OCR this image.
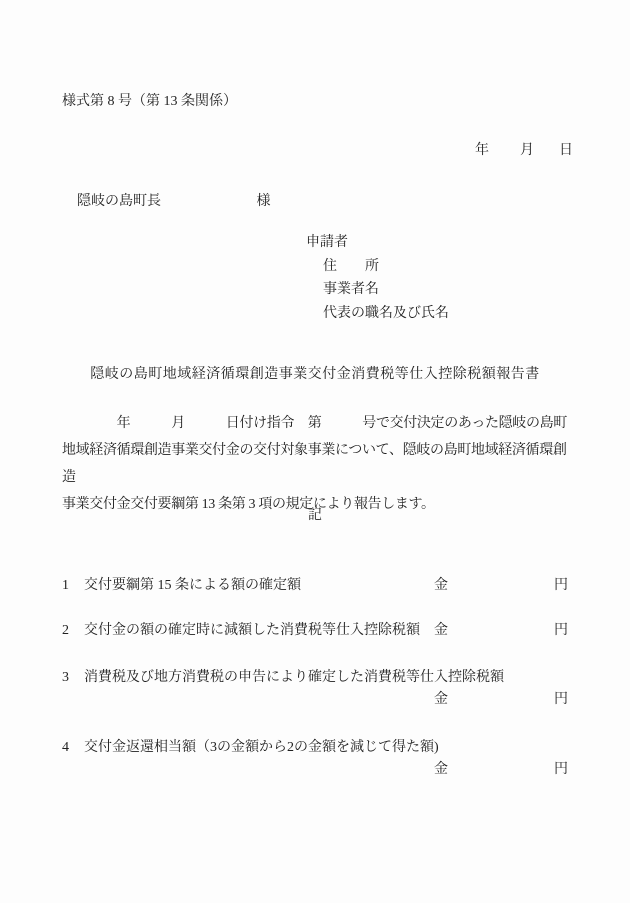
様式第 8 号（第 13 条関係）
年 月 日
隠岐の島町長	様
申請者
住　　所
事業者名
代表の職名及び氏名
隠岐の島町地域経済循環創造事業交付金消費税等仕入控除税額報告書
　　　　年　　　月　　　日付け指令　第　　　号で交付決定のあった隠岐の島町
地域経済循環創造事業交付金の交付対象事業について、隠岐の島町地域経済循環創造
事業交付金交付要綱第 13 条第 3 項の規定により報告します。
記
1 交付要綱第 15 条による額の確定額	金	円
2 交付金の額の確定時に減額した消費税等仕入控除税額 金	円
3 消費税及び地方消費税の申告により確定した消費税等仕入控除税額
金	円
4 交付金返還相当額（3の金額から2の金額を減じて得た額)
金	円
